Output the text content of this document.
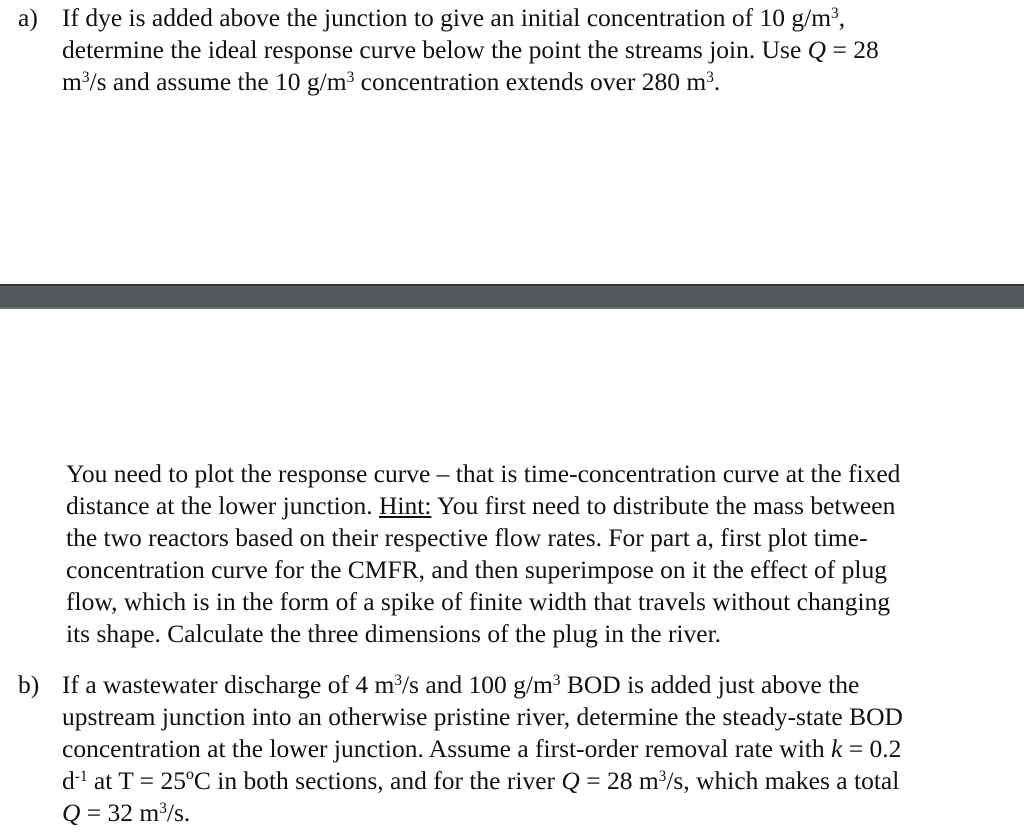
a) If dye is added above the junction to give an initial concentration of 10 $g/m^3$,
determine the ideal response curve below the point the streams join. Use Q = 28
$m^3/s$ and assume the 10 $g/m^3$ concentration extends over 280 $m^3$.
You need to plot the response curve – that is time-concentration curve at the fixed
distance at the lower junction. Hint: You first need to distribute the mass between
the two reactors based on their respective flow rates. For part a, first plot time-
concentration curve for the CMFR, and then superimpose on it the effect of plug
flow, which is in the form of a spike of finite width that travels without changing
its shape. Calculate the three dimensions of the plug in the river.
b) If a wastewater discharge of 4 $m^3/s$ and 100 $g/m^3$ BOD is added just above the
upstream junction into an otherwise pristine river, determine the steady-state BOD
concentration at the lower junction. Assume a first-order removal rate with k = 0.2
$d^{-1}$ at T = 25ºC in both sections, and for the river Q = 28 $m^3/s$, which makes a total
Q = 32 $m^3/s$.
